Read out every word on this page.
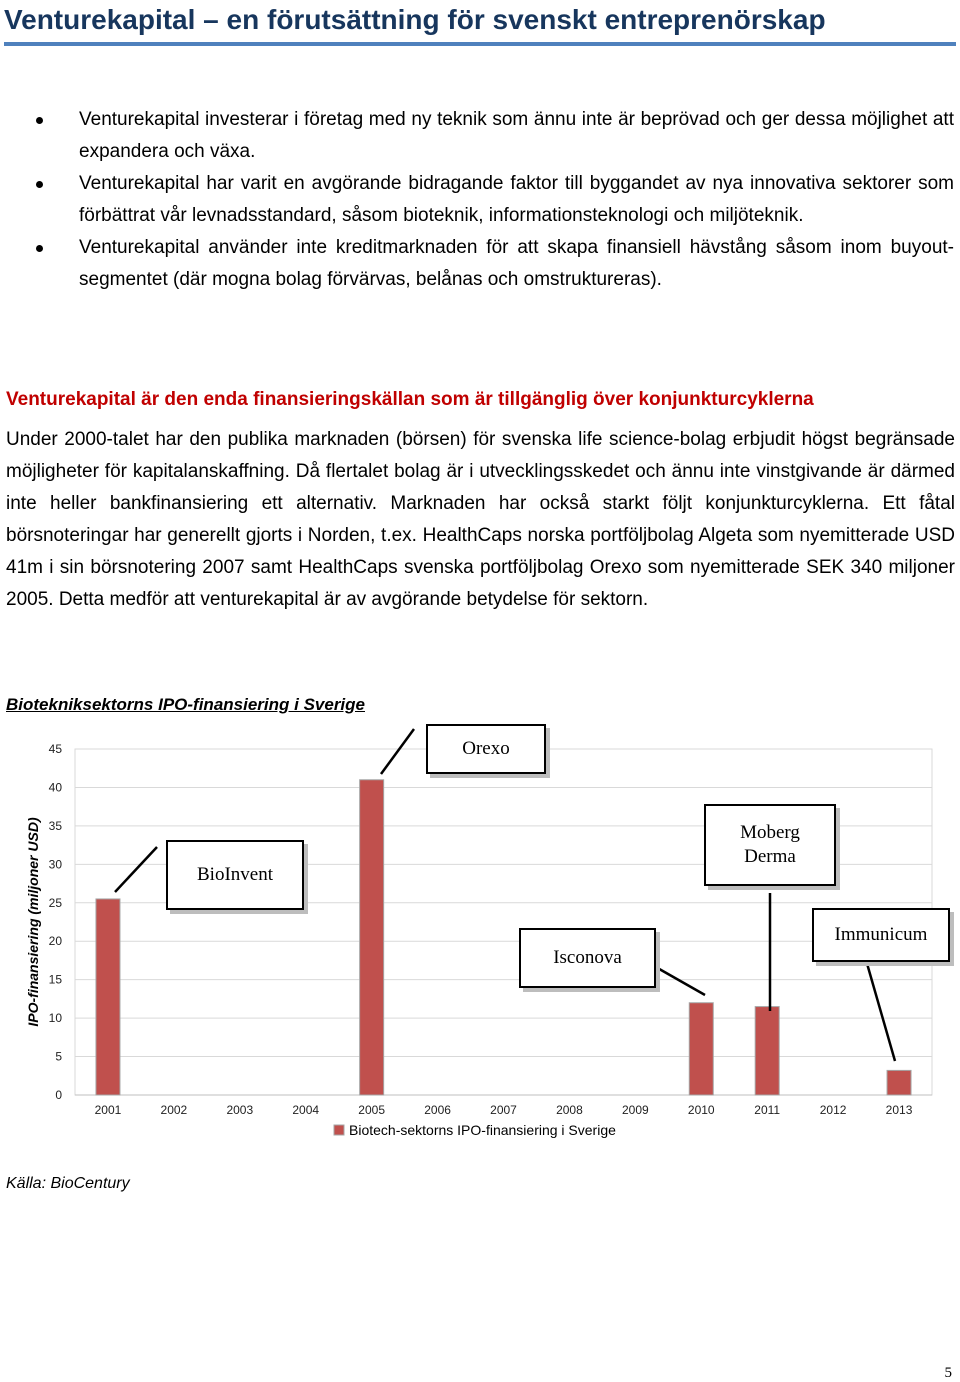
Venturekapital – en förutsättning för svenskt entreprenörskap
Venturekapital investerar i företag med ny teknik som ännu inte är beprövad och ger dessa möjlighet att expandera och växa.
Venturekapital har varit en avgörande bidragande faktor till byggandet av nya innovativa sektorer som förbättrat vår levnadsstandard, såsom bioteknik, informationsteknologi och miljöteknik.
Venturekapital använder inte kreditmarknaden för att skapa finansiell hävstång såsom inom buyout-segmentet (där mogna bolag förvärvas, belånas och omstruktureras).
Venturekapital är den enda finansieringskällan som är tillgänglig över konjunkturcyklerna

Under 2000-talet har den publika marknaden (börsen) för svenska life science-bolag erbjudit högst begränsade möjligheter för kapitalanskaffning. Då flertalet bolag är i utvecklingsskedet och ännu inte vinstgivande är därmed inte heller bankfinansiering ett alternativ. Marknaden har också starkt följt konjunkturcyklerna. Ett fåtal börsnoteringar har generellt gjorts i Norden, t.ex. HealthCaps norska portföljbolag Algeta som nyemitterade USD 41m i sin börsnotering 2007 samt HealthCaps svenska portföljbolag Orexo som nyemitterade SEK 340 miljoner 2005. Detta medför att venturekapital är av avgörande betydelse för sektorn.

Biotekniksektorns IPO-finansiering i Sverige
0
5
10
15
20
25
30
35
40
45
2001	2002	2003	2004	2005	2006	2007	2008	2009	2010	2011	2012	2013
IPO-finansiering (miljoner USD)
Biotech-sektorns IPO-finansiering i Sverige
Källa: BioCentury
5
BioInvent
Orexo
Isconova
Moberg Derma
Immunicum
